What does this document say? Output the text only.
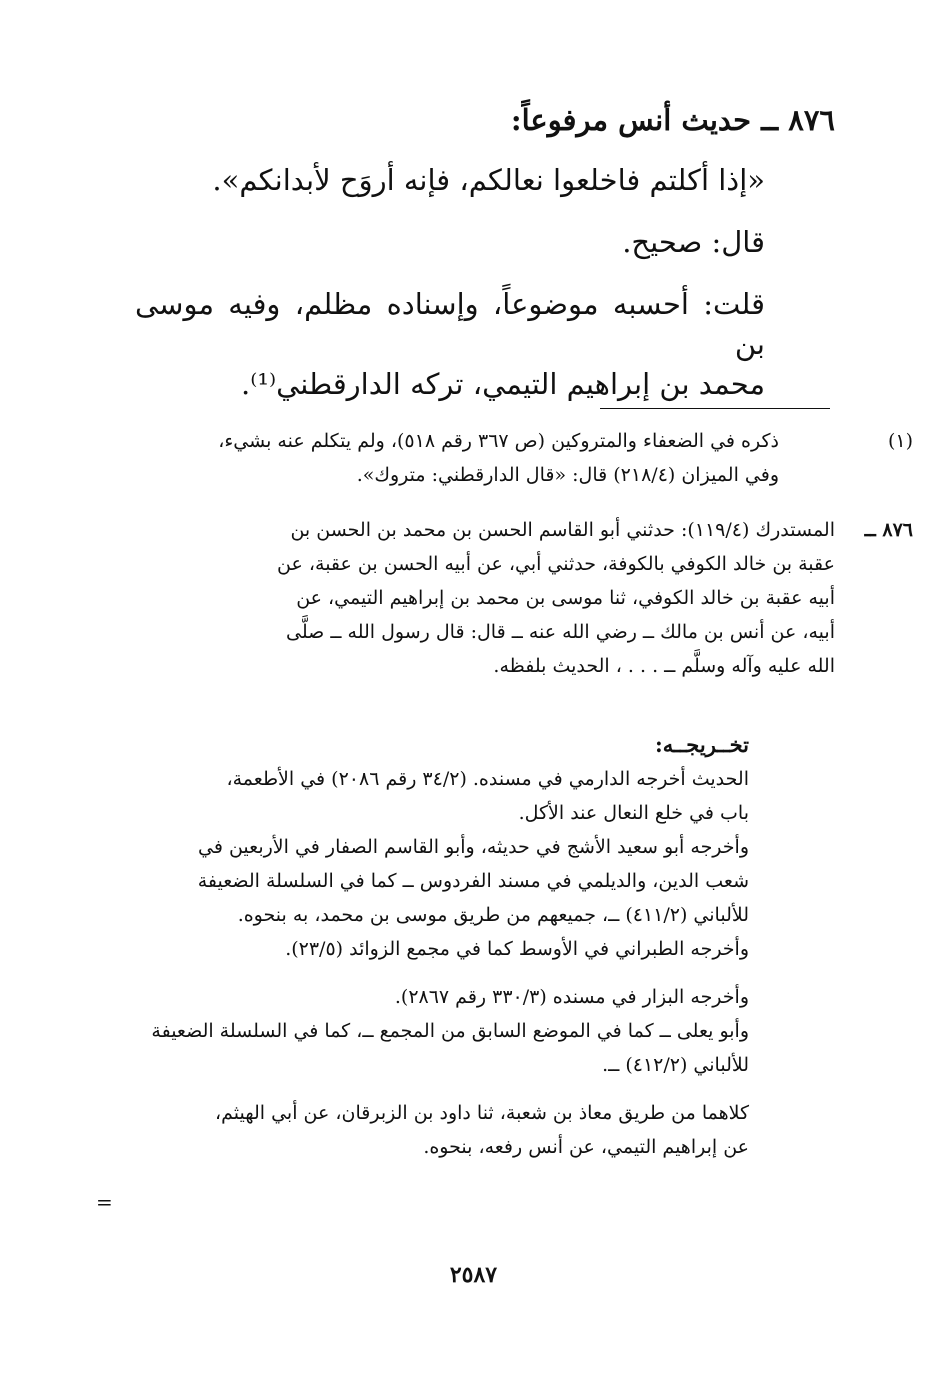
٨٧٦ ــ حديث أنس مرفوعاً:

«إذا أكلتم فاخلعوا نعالكم، فإنه أروَح لأبدانكم».

قال: صحيح.

قلت: أحسبه موضوعاً، وإسناده مظلم، وفيه موسى بن

محمد بن إبراهيم التيمي، تركه الدارقطني⁽¹⁾.

(١)
ذكره في الضعفاء والمتروكين (ص ٣٦٧ رقم ٥١٨)، ولم يتكلم عنه بشيء،
وفي الميزان (٢١٨/٤) قال: «قال الدارقطني: متروك».
٨٧٦ ــ

المستدرك (١١٩/٤): حدثني أبو القاسم الحسن بن محمد بن الحسن بن

عقبة بن خالد الكوفي بالكوفة، حدثني أبي، عن أبيه الحسن بن عقبة، عن

أبيه عقبة بن خالد الكوفي، ثنا موسى بن محمد بن إبراهيم التيمي، عن

أبيه، عن أنس بن مالك ــ رضي الله عنه ــ قال: قال رسول الله ــ صلَّى

الله عليه وآله وسلَّم ــ . . . ، الحديث بلفظه.

تخــريجــه:

الحديث أخرجه الدارمي في مسنده. (٣٤/٢ رقم ٢٠٨٦) في الأطعمة،

باب في خلع النعال عند الأكل.

وأخرجه أبو سعيد الأشج في حديثه، وأبو القاسم الصفار في الأربعين في

شعب الدين، والديلمي في مسند الفردوس ــ كما في السلسلة الضعيفة

للألباني (٤١١/٢) ــ، جميعهم من طريق موسى بن محمد، به بنحوه.

وأخرجه الطبراني في الأوسط كما في مجمع الزوائد (٢٣/٥).

وأخرجه البزار في مسنده (٣٣٠/٣ رقم ٢٨٦٧).

وأبو يعلى ــ كما في الموضع السابق من المجمع ــ، كما في السلسلة الضعيفة

للألباني (٤١٢/٢) ــ.

كلاهما من طريق معاذ بن شعبة، ثنا داود بن الزبرقان، عن أبي الهيثم،

عن إبراهيم التيمي، عن أنس رفعه، بنحوه.

=
٢٥٨٧
